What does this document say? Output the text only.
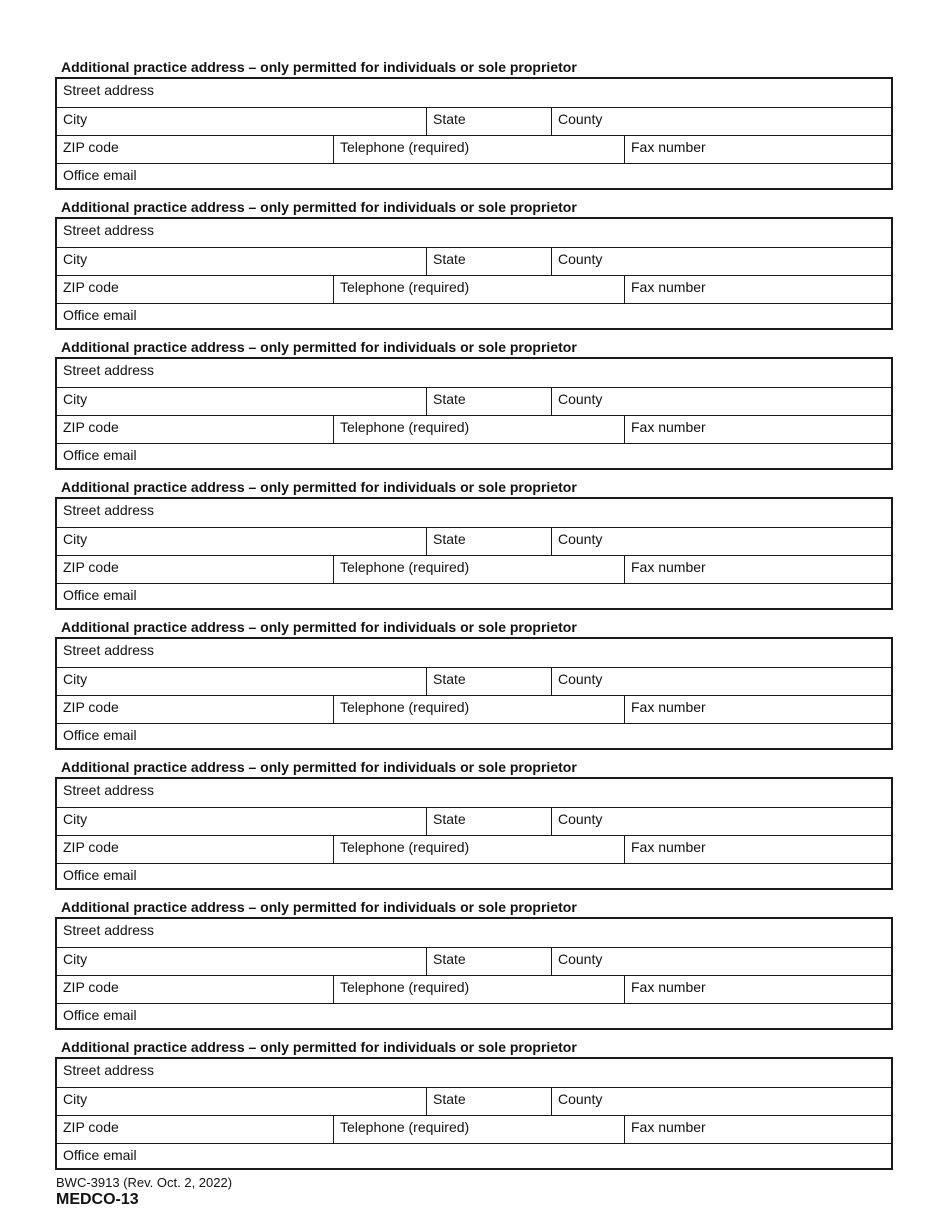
Additional practice address – only permitted for individuals or sole proprietor
Street address
City	State	County
ZIP code	Telephone (required)	Fax number
Office email
Additional practice address – only permitted for individuals or sole proprietor
Street address
City	State	County
ZIP code	Telephone (required)	Fax number
Office email
Additional practice address – only permitted for individuals or sole proprietor
Street address
City	State	County
ZIP code	Telephone (required)	Fax number
Office email
Additional practice address – only permitted for individuals or sole proprietor
Street address
City	State	County
ZIP code	Telephone (required)	Fax number
Office email
Additional practice address – only permitted for individuals or sole proprietor
Street address
City	State	County
ZIP code	Telephone (required)	Fax number
Office email
Additional practice address – only permitted for individuals or sole proprietor
Street address
City	State	County
ZIP code	Telephone (required)	Fax number
Office email
Additional practice address – only permitted for individuals or sole proprietor
Street address
City	State	County
ZIP code	Telephone (required)	Fax number
Office email
Additional practice address – only permitted for individuals or sole proprietor
Street address
City	State	County
ZIP code	Telephone (required)	Fax number
Office email
BWC-3913 (Rev. Oct. 2, 2022)
MEDCO-13
